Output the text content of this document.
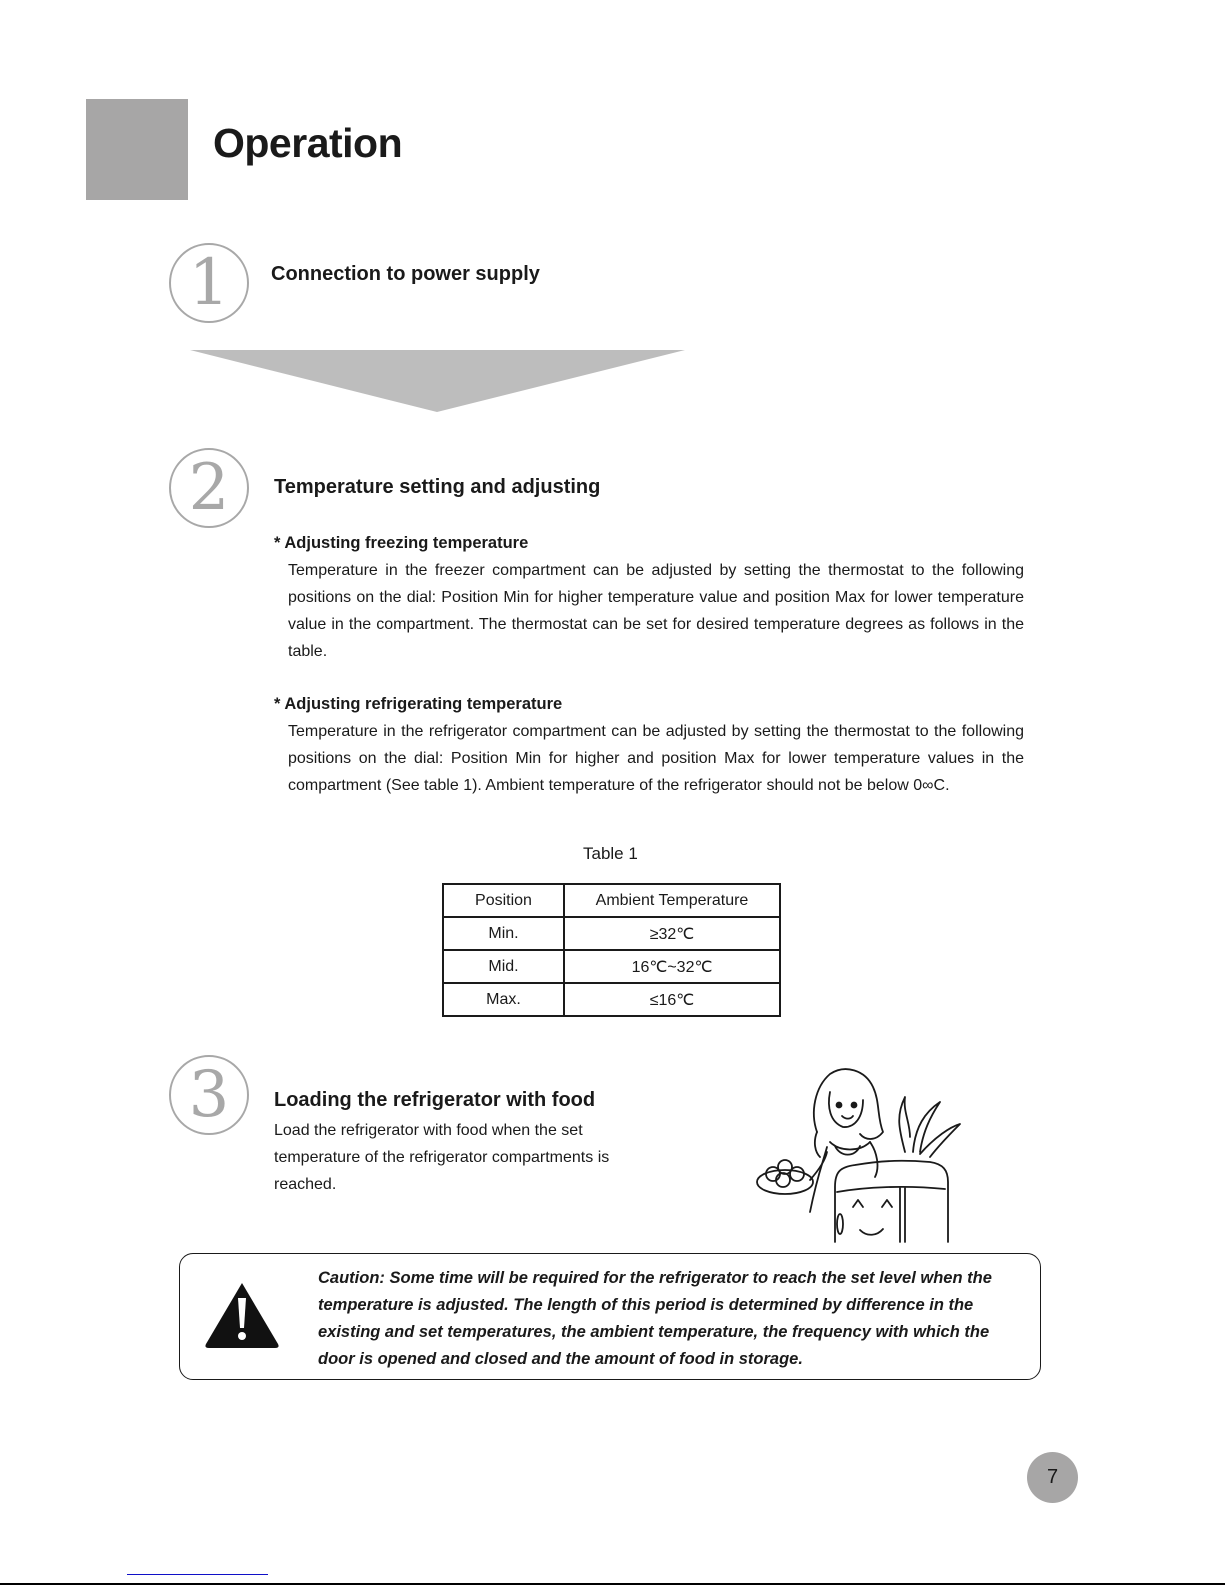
Operation
1 Connection to power supply
2 Temperature setting and adjusting
* Adjusting freezing temperature
Temperature in the freezer compartment can be adjusted by setting the thermostat to the following positions on the dial: Position Min for higher temperature value and position Max for lower temperature value in the compartment. The thermostat can be set for desired temperature degrees as follows in the table.
* Adjusting refrigerating temperature
Temperature in the refrigerator compartment can be adjusted by setting the thermostat to the following positions on the dial: Position Min for higher and position Max for lower temperature values in the compartment (See table 1). Ambient temperature of the refrigerator should not be below 0∞C.
Table 1
Position	Ambient Temperature
Min.	≥32℃
Mid.	16℃~32℃
Max.	≤16℃
3 Loading the refrigerator with food
Load the refrigerator with food when the set temperature of the refrigerator compartments is reached.
Caution: Some time will be required for the refrigerator to reach the set level when the temperature is adjusted. The length of this period is determined by difference in the existing and set temperatures, the ambient temperature, the frequency with which the door is opened and closed and the amount of food in storage.
7
